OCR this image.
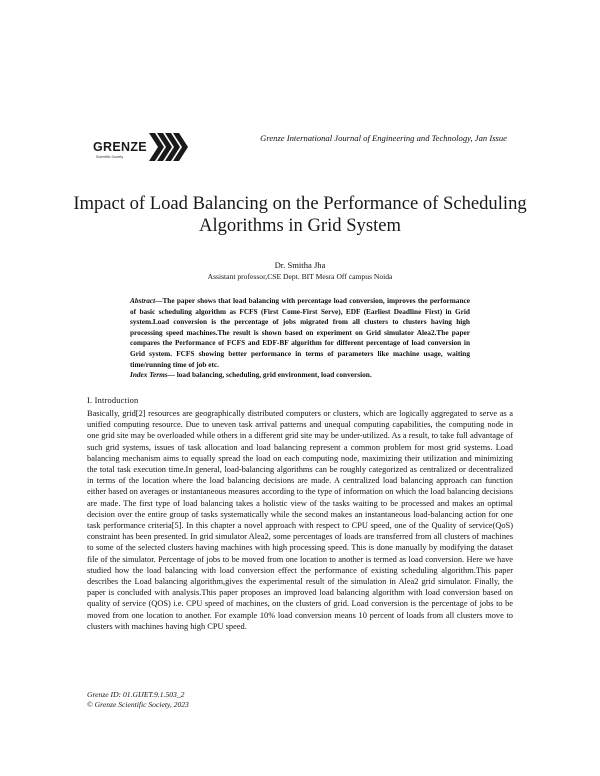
GRENZE
Scientific Society
Grenze International Journal of Engineering and Technology, Jan Issue
Impact of Load Balancing on the Performance of Scheduling Algorithms in Grid System
Dr. Smitha Jha
Assistant professor,CSE Dept. BIT Mesra Off campus Noida
Abstract—The paper shows that load balancing with percentage load conversion, improves the performance of basic scheduling algorithm as FCFS (First Come-First Serve), EDF (Earliest Deadline First) in Grid system.Load conversion is the percentage of jobs migrated from all clusters to clusters having high processing speed machines.The result is shown based on experiment on Grid simulator Alea2.The paper compares the Performance of FCFS and EDF-BF algorithm for different percentage of load conversion in Grid system. FCFS showing better performance in terms of parameters like machine usage, waiting time/running time of job etc.
Index Terms— load balancing, scheduling, grid environment, load conversion.
I. Introduction
Basically, grid[2] resources are geographically distributed computers or clusters, which are logically aggregated to serve as a unified computing resource. Due to uneven task arrival patterns and unequal computing capabilities, the computing node in one grid site may be overloaded while others in a different grid site may be under-utilized. As a result, to take full advantage of such grid systems, issues of task allocation and load balancing represent a common problem for most grid systems. Load balancing mechanism aims to equally spread the load on each computing node, maximizing their utilization and minimizing the total task execution time.In general, load-balancing algorithms can be roughly categorized as centralized or decentralized in terms of the location where the load balancing decisions are made. A centralized load balancing approach can function either based on averages or instantaneous measures according to the type of information on which the load balancing decisions are made. The first type of load balancing takes a holistic view of the tasks waiting to be processed and makes an optimal decision over the entire group of tasks systematically while the second makes an instantaneous load-balancing action for one task performance criteria[5]. In this chapter a novel approach with respect to CPU speed, one of the Quality of service(QoS) constraint has been presented. In grid simulator Alea2, some percentages of loads are transferred from all clusters of machines to some of the selected clusters having machines with high processing speed. This is done manually by modifying the dataset file of the simulator. Percentage of jobs to be moved from one location to another is termed as load conversion. Here we have studied how the load balancing with load conversion effect the performance of existing scheduling algorithm.This paper describes the Load balancing algorithm,gives the experimental result of the simulation in Alea2 grid simulator. Finally, the paper is concluded with analysis.This paper proposes an improved load balancing algorithm with load conversion based on quality of service (QOS) i.e. CPU speed of machines, on the clusters of grid. Load conversion is the percentage of jobs to be moved from one location to another. For example 10% load conversion means 10 percent of loads from all clusters move to clusters with machines having high CPU speed.
Grenze ID: 01.GIJET.9.1.503_2
© Grenze Scientific Society, 2023
